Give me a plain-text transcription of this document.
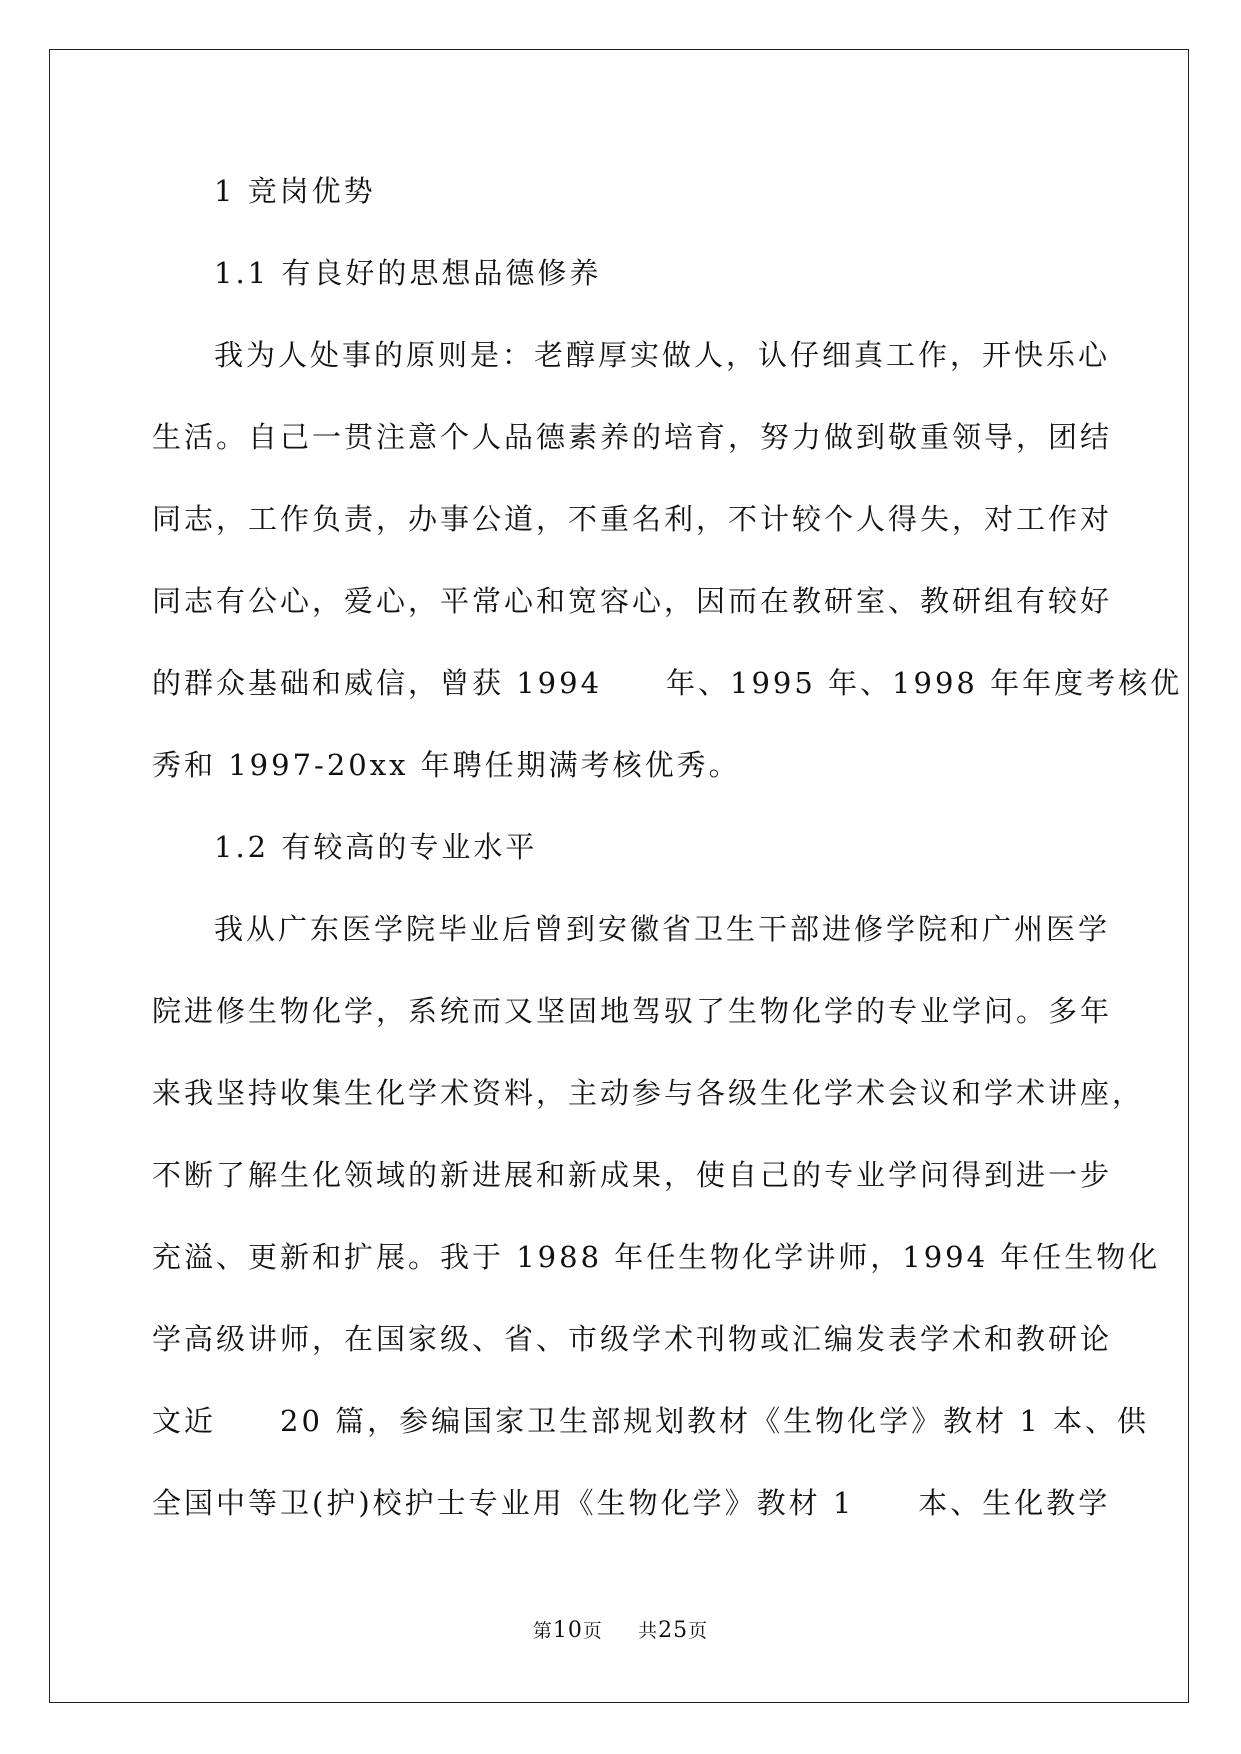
1 竞岗优势
1.1 有良好的思想品德修养
我为人处事的原则是：老醇厚实做人，认仔细真工作，开快乐心
生活。自己一贯注意个人品德素养的培育，努力做到敬重领导，团结
同志，工作负责，办事公道，不重名利，不计较个人得失，对工作对
同志有公心，爱心，平常心和宽容心，因而在教研室、教研组有较好
的群众基础和威信，曾获 1994　　年、1995 年、1998 年年度考核优
秀和 1997-20xx 年聘任期满考核优秀。
1.2 有较高的专业水平
我从广东医学院毕业后曾到安徽省卫生干部进修学院和广州医学
院进修生物化学，系统而又坚固地驾驭了生物化学的专业学问。多年
来我坚持收集生化学术资料，主动参与各级生化学术会议和学术讲座，
不断了解生化领域的新进展和新成果，使自己的专业学问得到进一步
充溢、更新和扩展。我于 1988 年任生物化学讲师，1994 年任生物化
学高级讲师，在国家级、省、市级学术刊物或汇编发表学术和教研论
文近　　20 篇，参编国家卫生部规划教材《生物化学》教材 1 本、供
全国中等卫(护)校护士专业用《生物化学》教材 1　　本、生化教学
第10页 共25页
